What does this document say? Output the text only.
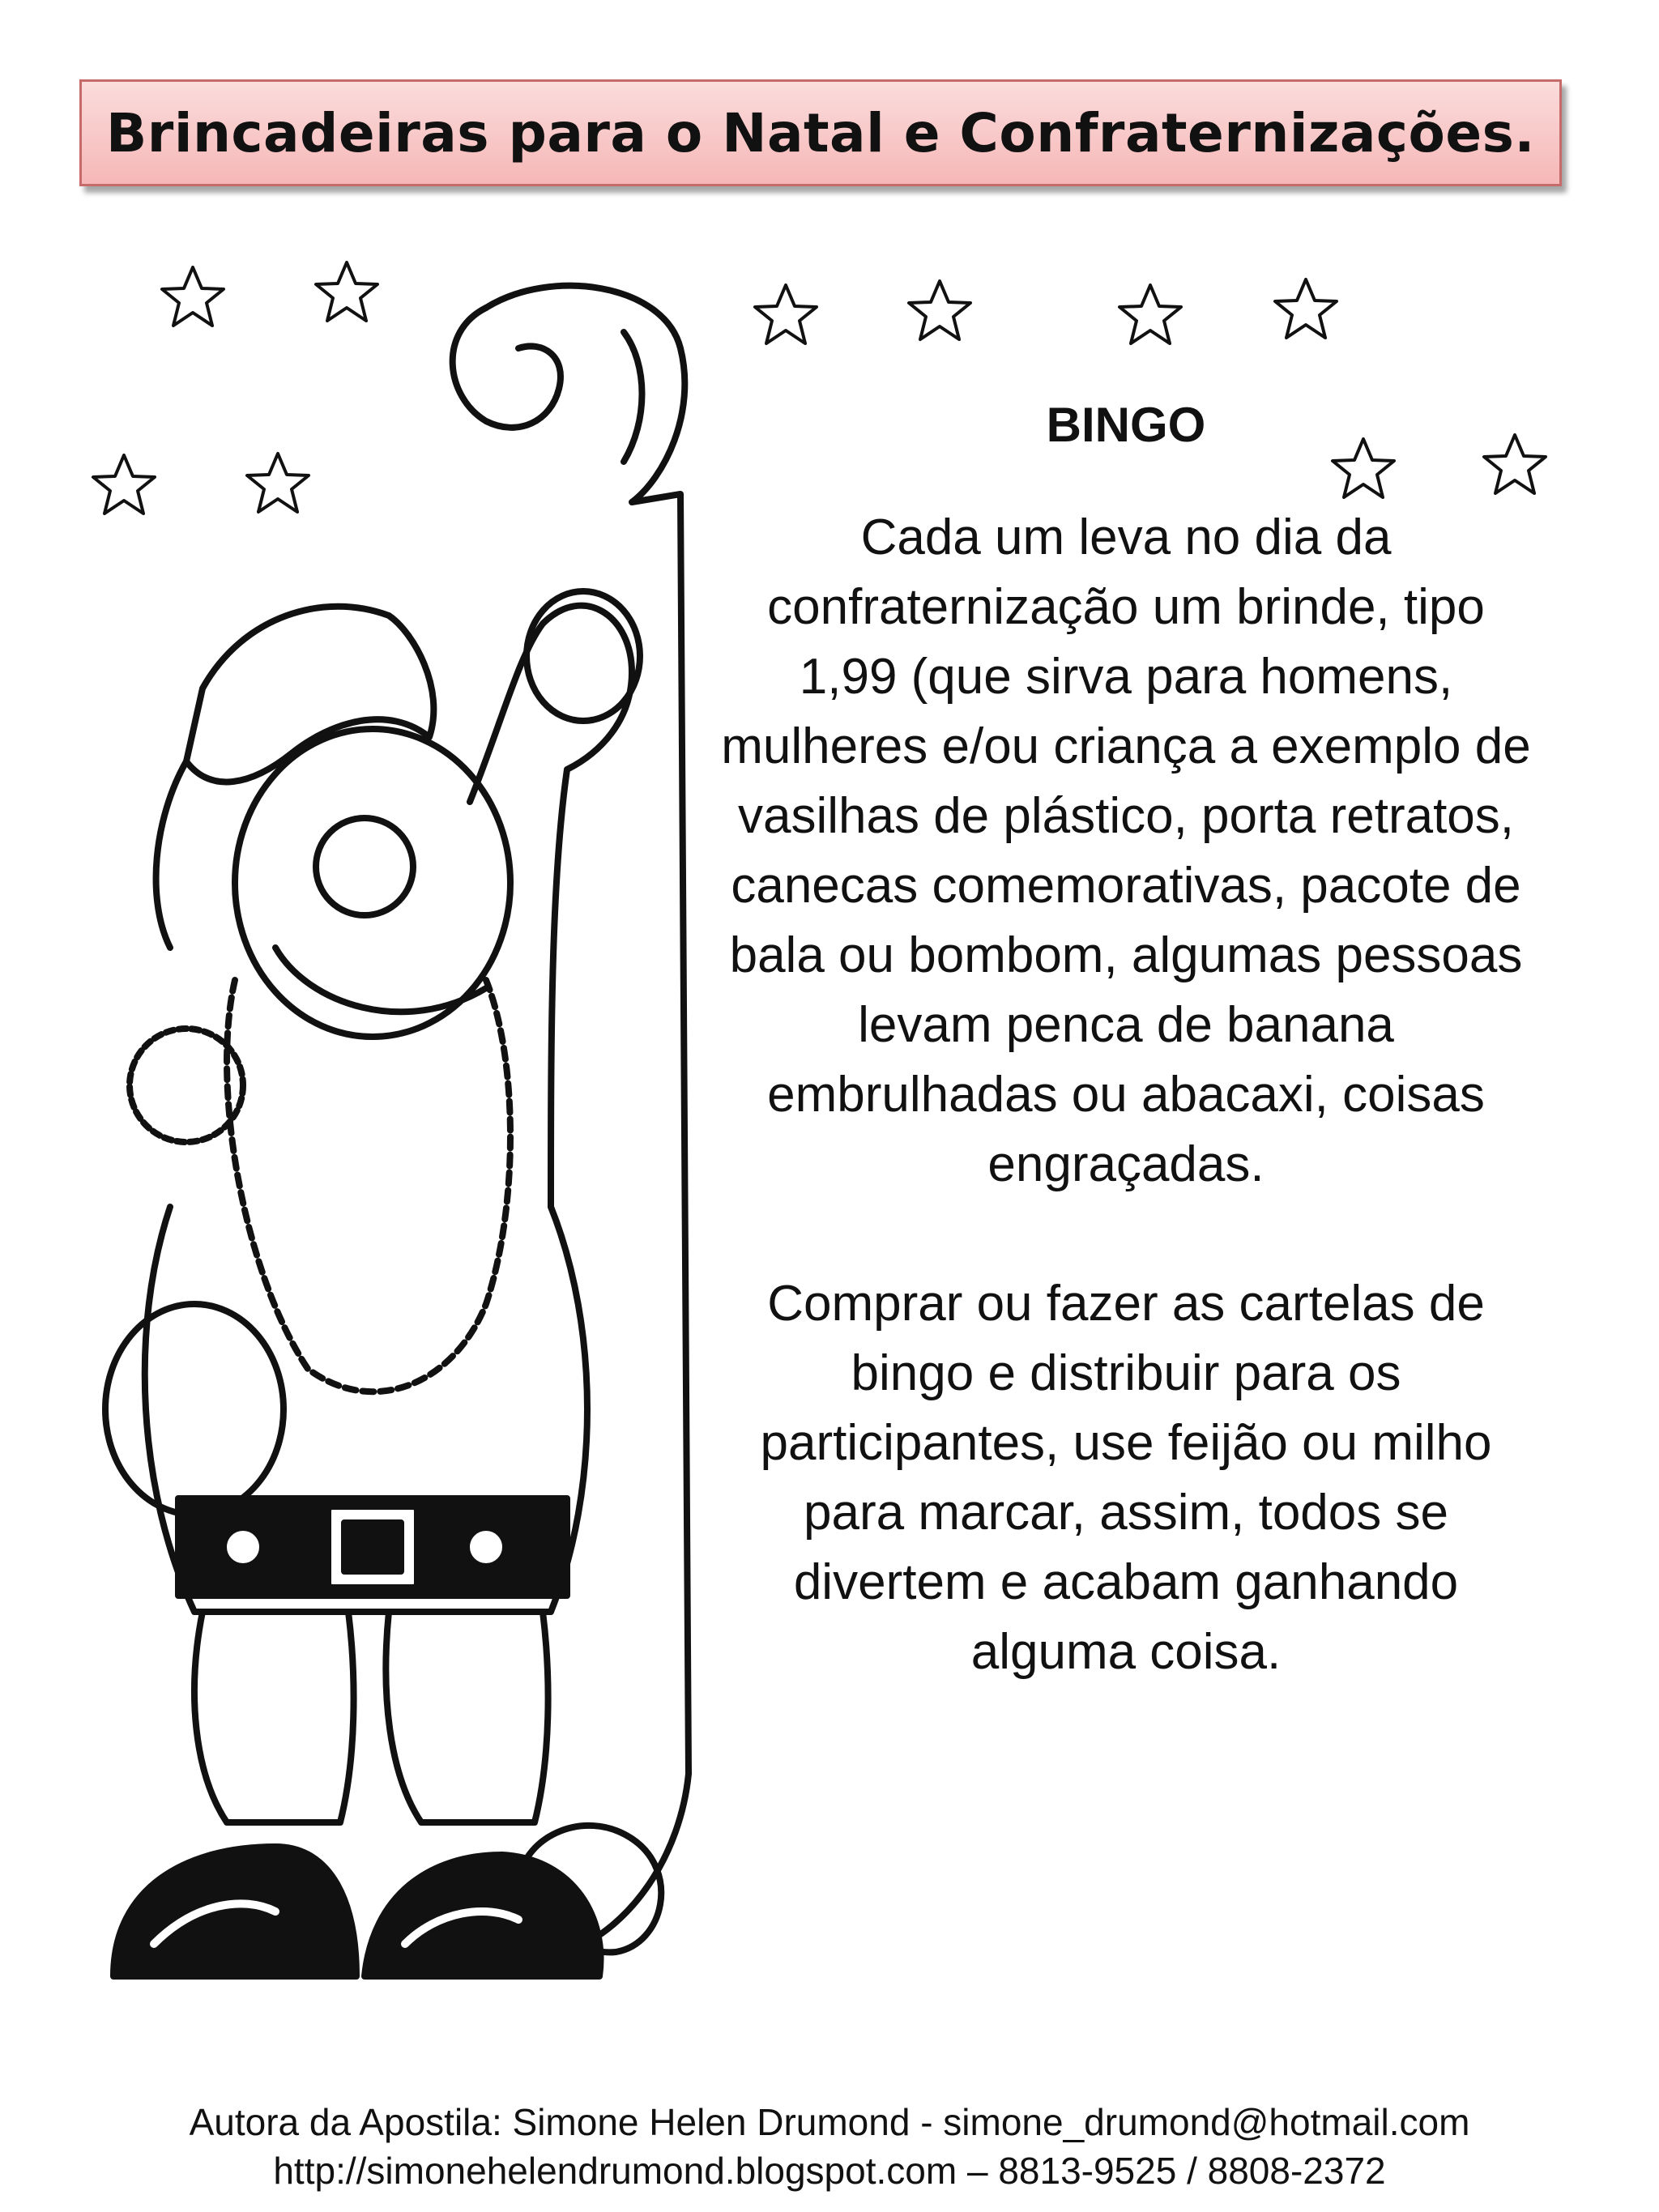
Brincadeiras para o Natal e Confraternizações.

BINGO

Cada um leva no dia da confraternização um brinde, tipo 1,99 (que sirva para homens, mulheres e/ou criança a exemplo de vasilhas de plástico, porta retratos, canecas comemorativas, pacote de bala ou bombom, algumas pessoas levam penca de banana embrulhadas ou abacaxi, coisas engraçadas.

Comprar ou fazer as cartelas de bingo e distribuir para os participantes, use feijão ou milho para marcar, assim, todos se divertem e acabam ganhando alguma coisa.

Autora da Apostila: Simone Helen Drumond - simone_drumond@hotmail.com
http://simonehelendrumond.blogspot.com – 8813-9525 / 8808-2372
